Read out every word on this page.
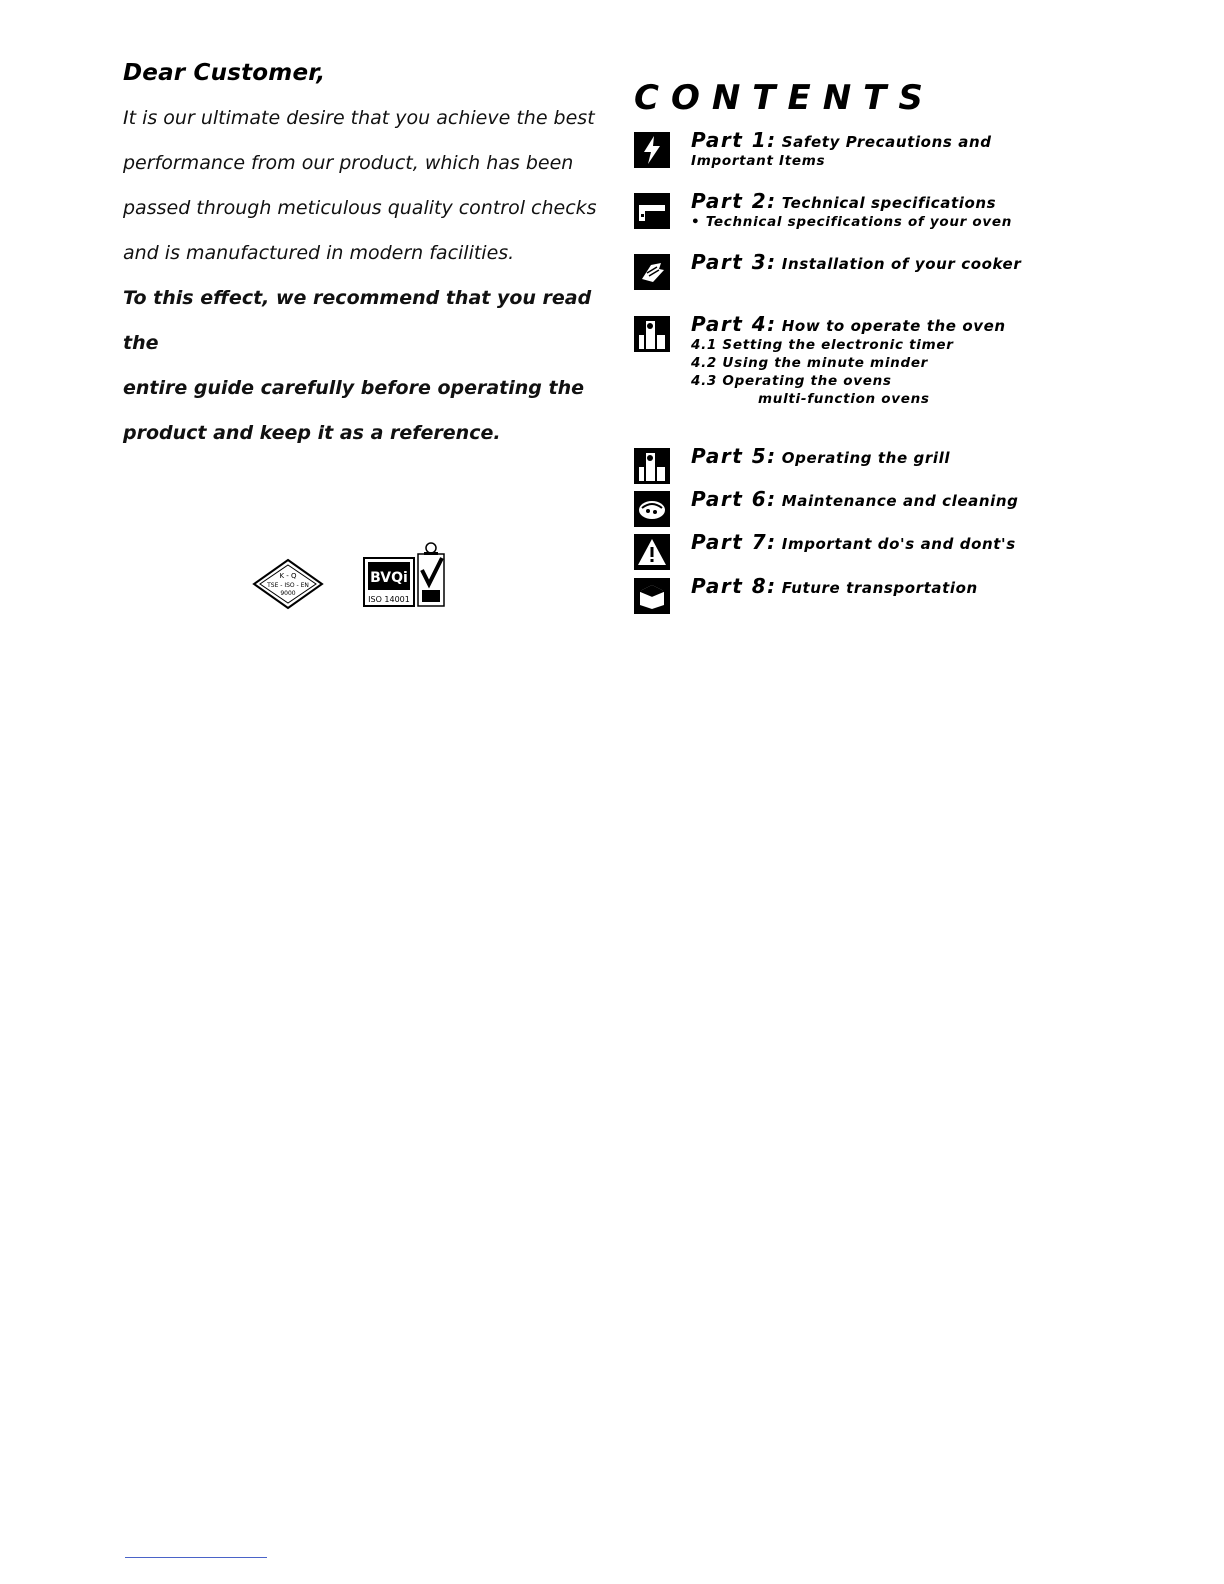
Dear Customer,

It is our ultimate desire that you achieve the best

performance from our product, which has been

passed through meticulous quality control checks

and is manufactured in modern facilities.

To this effect, we recommend that you read the

entire guide carefully before operating the

product and keep it as a reference.

K - Q
TSE - ISO - EN
9000
BVQi
ISO 14001
CONTENTS
Part 1: Safety Precautions and
Important Items
Part 2: Technical specifications
• Technical specifications of your oven
Part 3: Installation of your cooker
Part 4: How to operate the oven
4.1 Setting the electronic timer
4.2 Using the minute minder
4.3 Operating the ovens
multi-function ovens
Part 5: Operating the grill
Part 6: Maintenance and cleaning
Part 7: Important do's and dont's
Part 8: Future transportation
